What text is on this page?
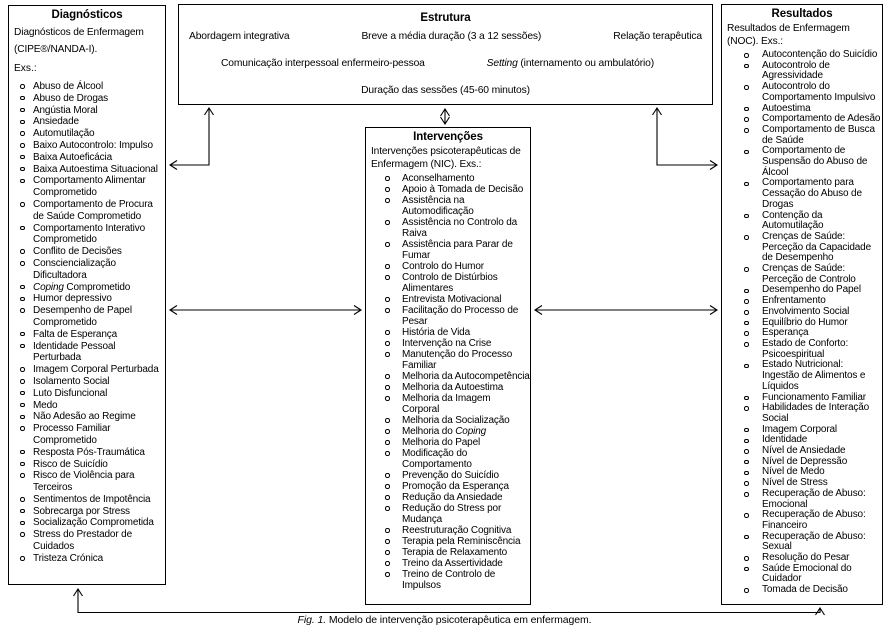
Diagnósticos
Diagnósticos de Enfermagem (CIPE®/NANDA-I).
Exs.:
Abuso de Álcool
Abuso de Drogas
Angústia Moral
Ansiedade
Automutilação
Baixo Autocontrolo: Impulso
Baixa Autoeficácia
Baixa Autoestima Situacional
Comportamento Alimentar Comprometido
Comportamento de Procura de Saúde Comprometido
Comportamento Interativo Comprometido
Conflito de Decisões
Consciencialização Dificultadora
Coping Comprometido
Humor depressivo
Desempenho de Papel Comprometido
Falta de Esperança
Identidade Pessoal Perturbada
Imagem Corporal Perturbada
Isolamento Social
Luto Disfuncional
Medo
Não Adesão ao Regime
Processo Familiar Comprometido
Resposta Pós-Traumática
Risco de Suicídio
Risco de Violência para Terceiros
Sentimentos de Impotência
Sobrecarga por Stress
Socialização Comprometida
Stress do Prestador de Cuidados
Tristeza Crónica
Estrutura
Abordagem integrativa	Breve a média duração (3 a 12 sessões)	Relação terapêutica
Comunicação interpessoal enfermeiro-pessoa	Setting (internamento ou ambulatório)
Duração das sessões (45-60 minutos)
Intervenções
Intervenções psicoterapêuticas de Enfermagem (NIC). Exs.:
Aconselhamento
Apoio à Tomada de Decisão
Assistência na Automodificação
Assistência no Controlo da Raiva
Assistência para Parar de Fumar
Controlo do Humor
Controlo de Distúrbios Alimentares
Entrevista Motivacional
Facilitação do Processo de Pesar
História de Vida
Intervenção na Crise
Manutenção do Processo Familiar
Melhoria da Autocompetência
Melhoria da Autoestima
Melhoria da Imagem Corporal
Melhoria da Socialização
Melhoria do Coping
Melhoria do Papel
Modificação do Comportamento
Prevenção do Suicídio
Promoção da Esperança
Redução da Ansiedade
Redução do Stress por Mudança
Reestruturação Cognitiva
Terapia pela Reminiscência
Terapia de Relaxamento
Treino da Assertividade
Treino de Controlo de Impulsos
Resultados
Resultados de Enfermagem (NOC). Exs.:
Autocontenção do Suicídio
Autocontrolo de Agressividade
Autocontrolo do Comportamento Impulsivo
Autoestima
Comportamento de Adesão
Comportamento de Busca de Saúde
Comportamento de Suspensão do Abuso de Álcool
Comportamento para Cessação do Abuso de Drogas
Contenção da Automutilação
Crenças de Saúde: Perceção da Capacidade de Desempenho
Crenças de Saúde: Perceção de Controlo
Desempenho do Papel
Enfrentamento
Envolvimento Social
Equilíbrio do Humor
Esperança
Estado de Conforto: Psicoespiritual
Estado Nutricional: Ingestão de Alimentos e Líquidos
Funcionamento Familiar
Habilidades de Interação Social
Imagem Corporal
Identidade
Nível de Ansiedade
Nível de Depressão
Nível de Medo
Nível de Stress
Recuperação de Abuso: Emocional
Recuperação de Abuso: Financeiro
Recuperação de Abuso: Sexual
Resolução do Pesar
Saúde Emocional do Cuidador
Tomada de Decisão
Fig. 1. Modelo de intervenção psicoterapêutica em enfermagem.
